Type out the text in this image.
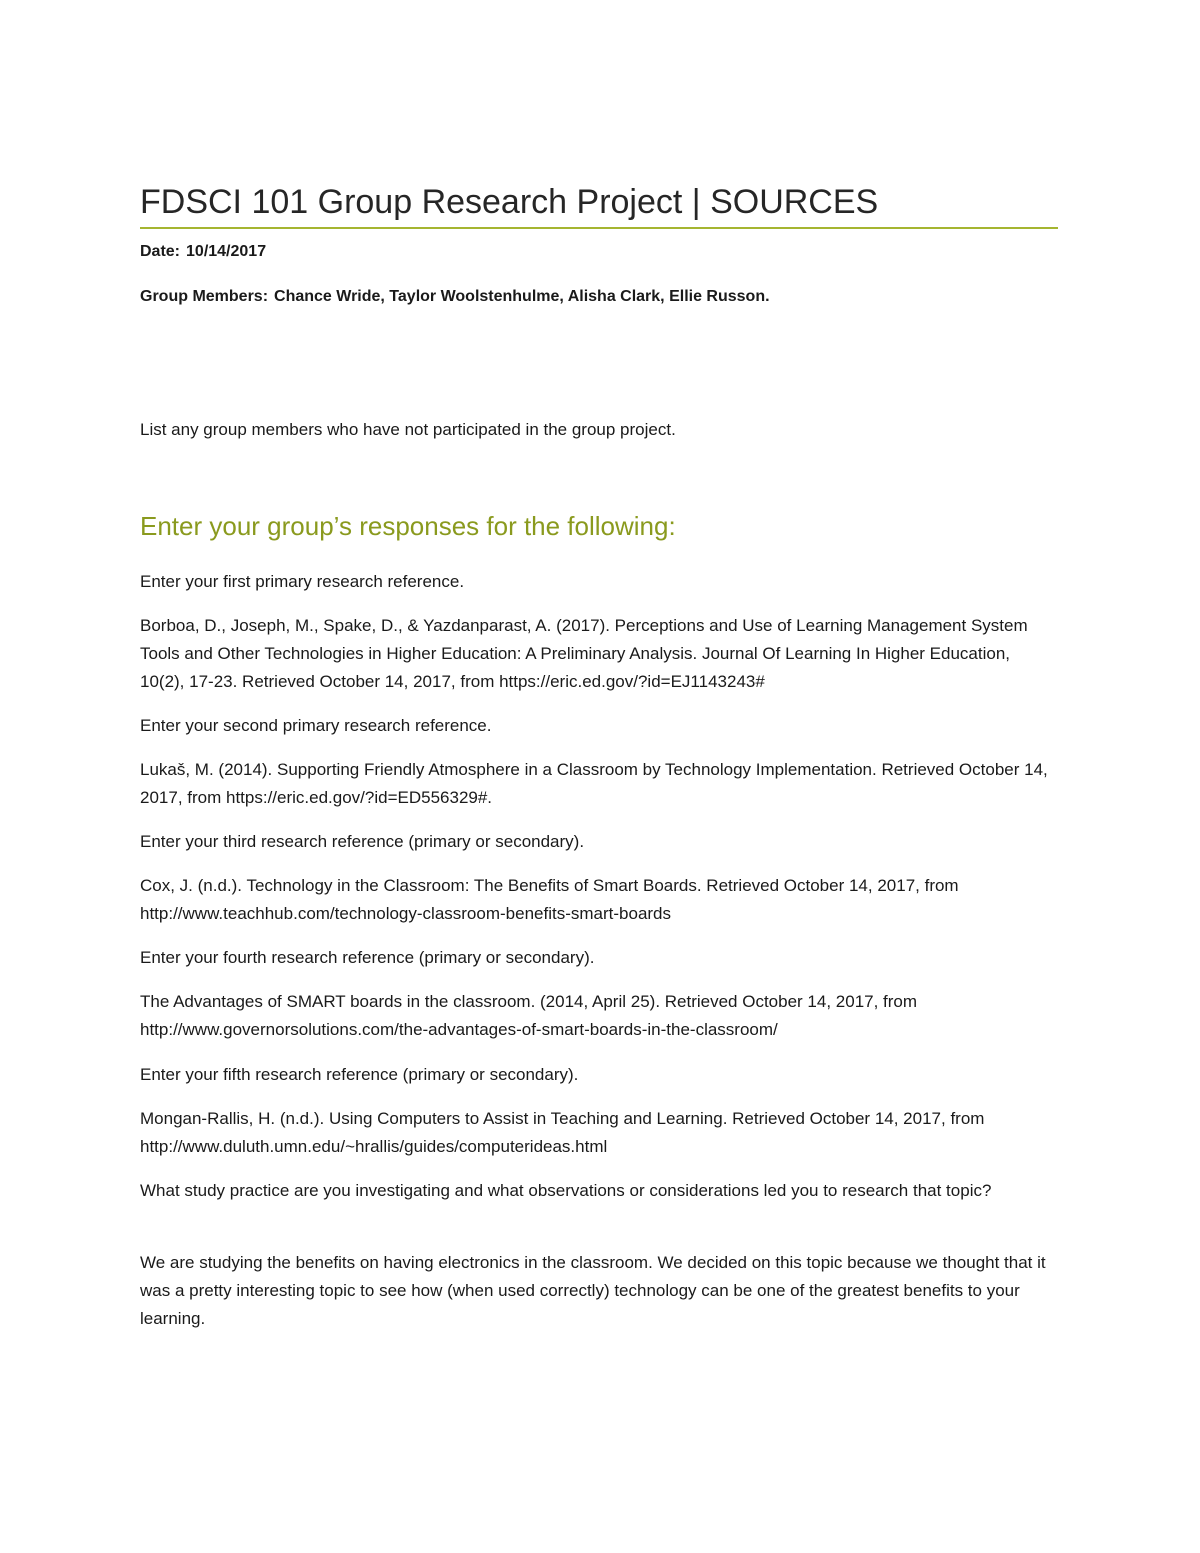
FDSCI 101 Group Research Project | SOURCES
Date: 10/14/2017
Group Members: Chance Wride, Taylor Woolstenhulme, Alisha Clark, Ellie Russon.

List any group members who have not participated in the group project.

Enter your group’s responses for the following:

Enter your first primary research reference.

Borboa, D., Joseph, M., Spake, D., & Yazdanparast, A. (2017). Perceptions and Use of Learning Management System Tools and Other Technologies in Higher Education: A Preliminary Analysis. Journal Of Learning In Higher Education, 10(2), 17-23. Retrieved October 14, 2017, from https://eric.ed.gov/?id=EJ1143243#

Enter your second primary research reference.

Lukaš, M. (2014). Supporting Friendly Atmosphere in a Classroom by Technology Implementation. Retrieved October 14, 2017, from https://eric.ed.gov/?id=ED556329#.

Enter your third research reference (primary or secondary).

Cox, J. (n.d.). Technology in the Classroom: The Benefits of Smart Boards. Retrieved October 14, 2017, from http://www.teachhub.com/technology-classroom-benefits-smart-boards

Enter your fourth research reference (primary or secondary).

The Advantages of SMART boards in the classroom. (2014, April 25). Retrieved October 14, 2017, from http://www.governorsolutions.com/the-advantages-of-smart-boards-in-the-classroom/

Enter your fifth research reference (primary or secondary).

Mongan-Rallis, H. (n.d.). Using Computers to Assist in Teaching and Learning. Retrieved October 14, 2017, from http://www.duluth.umn.edu/~hrallis/guides/computerideas.html

What study practice are you investigating and what observations or considerations led you to research that topic?

We are studying the benefits on having electronics in the classroom. We decided on this topic because we thought that it was a pretty interesting topic to see how (when used correctly) technology can be one of the greatest benefits to your learning.
